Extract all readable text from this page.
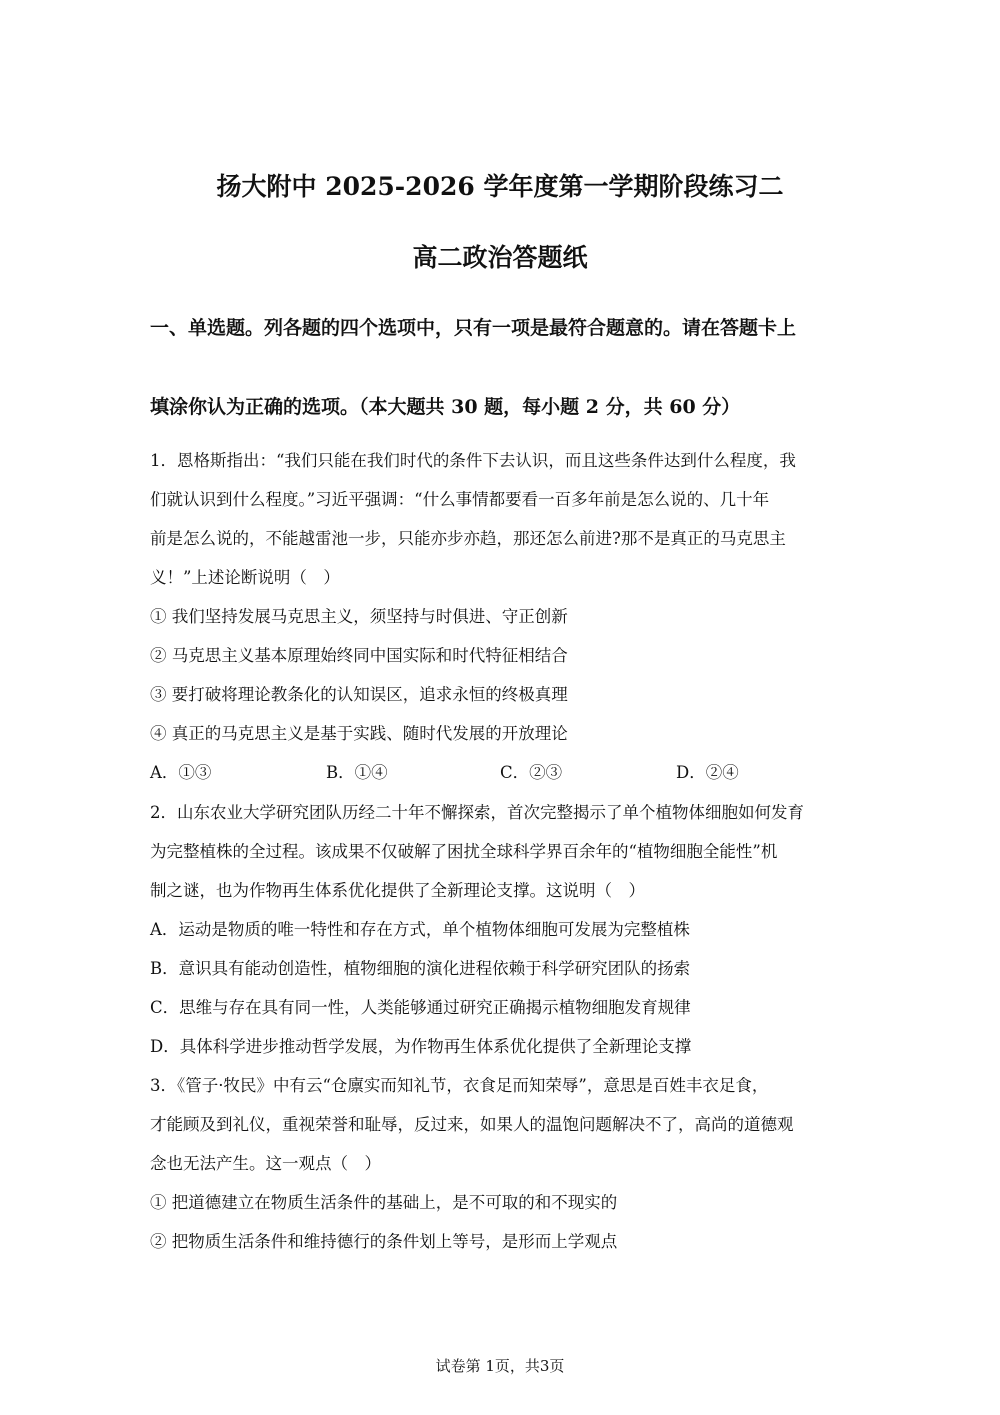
扬大附中 2025-2026 学年度第一学期阶段练习二
高二政治答题纸
一、单选题。列各题的四个选项中，只有一项是最符合题意的。请在答题卡上
填涂你认为正确的选项。（本大题共 30 题，每小题 2 分，共 60 分）
1．恩格斯指出：“我们只能在我们时代的条件下去认识，而且这些条件达到什么程度，我
们就认识到什么程度。”习近平强调：“什么事情都要看一百多年前是怎么说的、几十年
前是怎么说的，不能越雷池一步，只能亦步亦趋，那还怎么前进?那不是真正的马克思主
义！”上述论断说明（　）
① 我们坚持发展马克思主义，须坚持与时俱进、守正创新
② 马克思主义基本原理始终同中国实际和时代特征相结合
③ 要打破将理论教条化的认知误区，追求永恒的终极真理
④ 真正的马克思主义是基于实践、随时代发展的开放理论
A．①③	B．①④	C．②③	D．②④
2．山东农业大学研究团队历经二十年不懈探索，首次完整揭示了单个植物体细胞如何发育
为完整植株的全过程。该成果不仅破解了困扰全球科学界百余年的“植物细胞全能性”机
制之谜，也为作物再生体系优化提供了全新理论支撑。这说明（　）
A．运动是物质的唯一特性和存在方式，单个植物体细胞可发展为完整植株
B．意识具有能动创造性，植物细胞的演化进程依赖于科学研究团队的扬索
C．思维与存在具有同一性，人类能够通过研究正确揭示植物细胞发育规律
D．具体科学进步推动哲学发展，为作物再生体系优化提供了全新理论支撑
3．《管子·牧民》中有云“仓廪实而知礼节，衣食足而知荣辱”，意思是百姓丰衣足食，
才能顾及到礼仪，重视荣誉和耻辱，反过来，如果人的温饱问题解决不了，高尚的道德观
念也无法产生。这一观点（　）
① 把道德建立在物质生活条件的基础上，是不可取的和不现实的
② 把物质生活条件和维持德行的条件划上等号，是形而上学观点
试卷第 1页，共3页
